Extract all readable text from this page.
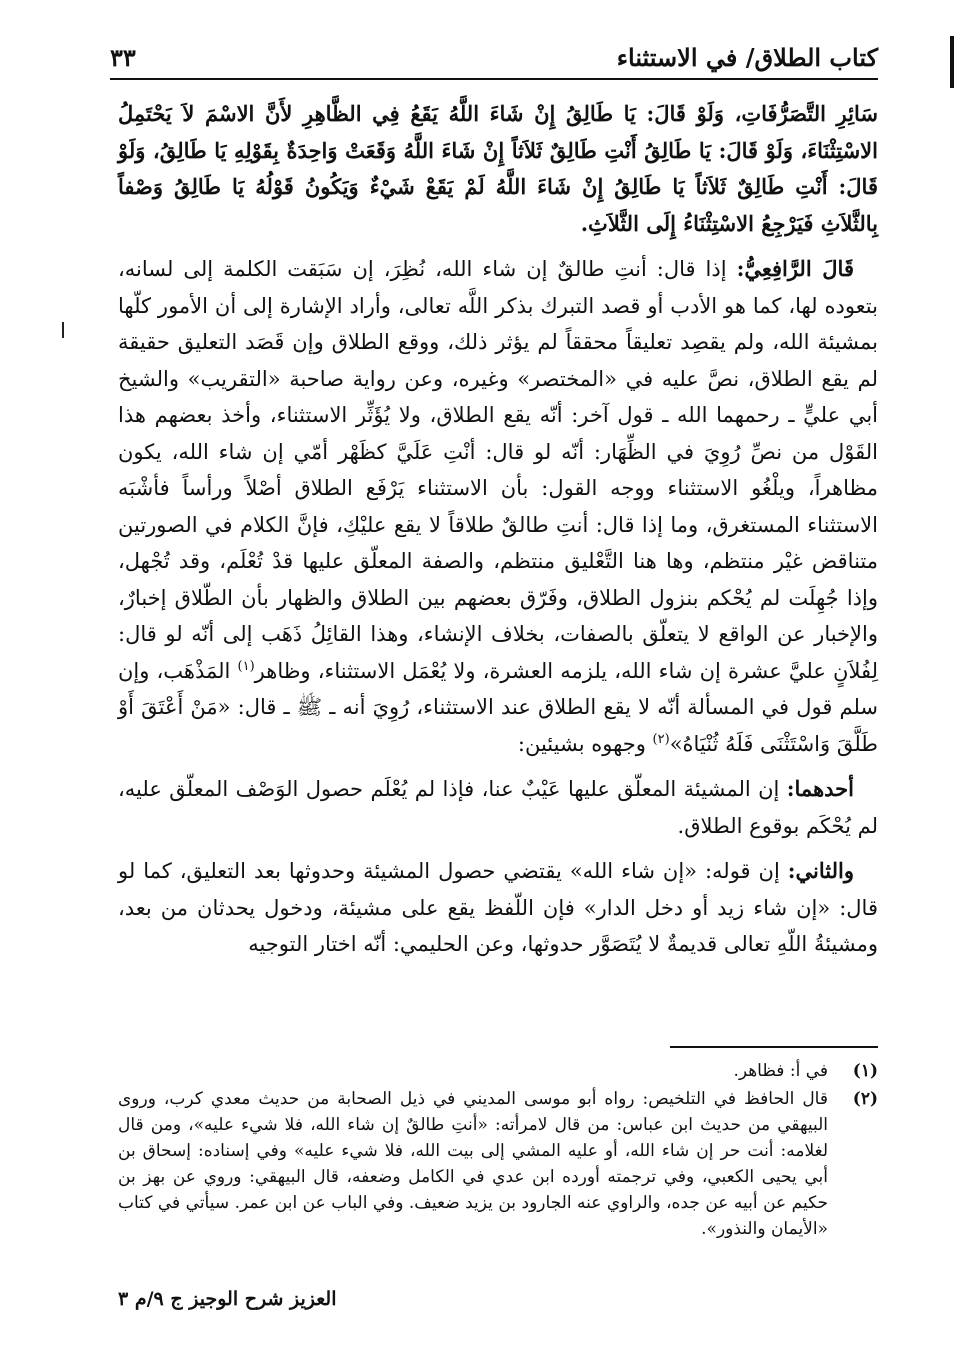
كتاب الطلاق/ في الاستثناء
٣٣

سَائِرِ التَّصَرُّفَاتِ، وَلَوْ قَالَ: يَا طَالِقُ إِنْ شَاءَ اللَّهُ يَقَعُ فِي الظَّاهِرِ لأَنَّ الاسْمَ لاَ يَحْتَمِلُ الاسْتِثْنَاءَ، وَلَوْ قَالَ: يَا طَالِقُ أَنْتِ طَالِقٌ ثَلاَثاً إِنْ شَاءَ اللَّهُ وَقَعَتْ وَاحِدَةٌ بِقَوْلِهِ يَا طَالِقُ، وَلَوْ قَالَ: أَنْتِ طَالِقٌ ثَلاَثاً يَا طَالِقُ إِنْ شَاءَ اللَّهُ لَمْ يَقَعْ شَيْءٌ وَيَكُونُ قَوْلُهُ يَا طَالِقُ وَصْفاً بِالثَّلاَثِ فَيَرْجِعُ الاسْتِثْنَاءُ إِلَى الثَّلاَثِ.

قَالَ الرَّافِعِيُّ: إذا قال: أنتِ طالقٌ إن شاء الله، نُظِرَ، إن سَبَقت الكلمة إلى لسانه، بتعوده لها، كما هو الأدب أو قصد التبرك بذكر اللَّه تعالى، وأراد الإشارة إلى أن الأمور كلّها بمشيئة الله، ولم يقصِد تعليقاً محققاً لم يؤثر ذلك، ووقع الطلاق وإن قَصَد التعليق حقيقة لم يقع الطلاق، نصَّ عليه في «المختصر» وغيره، وعن رواية صاحبة «التقريب» والشيخ أبي عليٍّ ـ رحمهما الله ـ قول آخر: أنّه يقع الطلاق، ولا يُؤَثِّر الاستثناء، وأخذ بعضهم هذا القَوْل من نصِّ رُوِيَ في الظِّهَار: أنّه لو قال: أنْتِ عَلَيَّ كظَهْر أمّي إن شاء الله، يكون مظاهراً، ويلْغُو الاستثناء ووجه القول: بأن الاستثناء يَرْفَع الطلاق أصْلاً ورأساً فأشْبَه الاستثناء المستغرق، وما إذا قال: أنتِ طالقٌ طلاقاً لا يقع عليْكِ، فإنَّ الكلام في الصورتين متناقض غيْر منتظم، وها هنا التَّعْليق منتظم، والصفة المعلّق عليها قدْ تُعْلَم، وقد تُجْهل، وإذا جُهِلَت لم يُحْكم بنزول الطلاق، وفَرّق بعضهم بين الطلاق والظهار بأن الطّلاق إخبارٌ، والإخبار عن الواقع لا يتعلّق بالصفات، بخلاف الإنشاء، وهذا القائِلُ ذَهَب إلى أنّه لو قال: لِفُلاَنٍ عليَّ عشرة إن شاء الله، يلزمه العشرة، ولا يُعْمَل الاستثناء، وظاهر$^{(١)}$ المَذْهَب، وإن سلم قول في المسألة أنّه لا يقع الطلاق عند الاستثناء، رُوِيَ أنه ـ ﷺ ـ قال: «مَنْ أَعْتَقَ أَوْ طَلَّقَ وَاسْتَثْنَى فَلَهُ ثُنْيَاهُ»$^{(٢)}$ وجهوه بشيئين:

أحدهما: إن المشيئة المعلّق عليها عَيْبٌ عنا، فإذا لم يُعْلَم حصول الوَصْف المعلّق عليه، لم يُحْكَم بوقوع الطلاق.

والثاني: إن قوله: «إن شاء الله» يقتضي حصول المشيئة وحدوثها بعد التعليق، كما لو قال: «إن شاء زيد أو دخل الدار» فإن اللّفظ يقع على مشيئة، ودخول يحدثان من بعد، ومشيئةُ اللّهِ تعالى قديمةٌ لا يُتَصَوَّر حدوثها، وعن الحليمي: أنّه اختار التوجيه

(١)
في أ: فظاهر.
(٢)
قال الحافظ في التلخيص: رواه أبو موسى المديني في ذيل الصحابة من حديث معدي كرب، وروى البيهقي من حديث ابن عباس: من قال لامرأته: «أنتِ طالقٌ إن شاء الله، فلا شيء عليه»، ومن قال لغلامه: أنت حر إن شاء الله، أو عليه المشي إلى بيت الله، فلا شيء عليه» وفي إسناده: إسحاق بن أبي يحيى الكعبي، وفي ترجمته أورده ابن عدي في الكامل وضعفه، قال البيهقي: وروي عن بهز بن حكيم عن أبيه عن جده، والراوي عنه الجارود بن يزيد ضعيف. وفي الباب عن ابن عمر. سيأتي في كتاب «الأيمان والنذور».
العزيز شرح الوجيز ج ٩/م ٣
